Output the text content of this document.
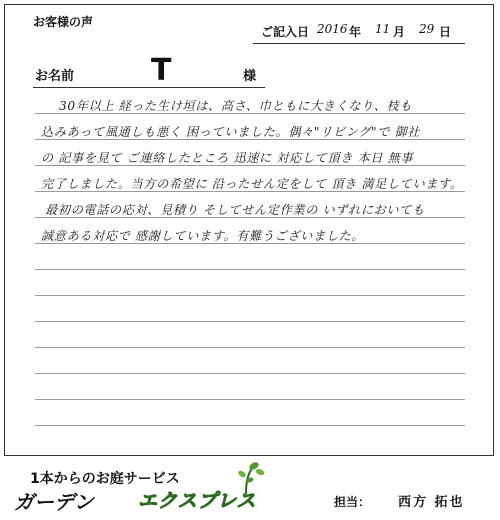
お客様の声
ご記入日 2016 年 11 月 29 日
お名前	T	様
30年以上 経った生け垣は、高さ、巾ともに大きくなり、枝も
込みあって風通しも悪く 困っていました。偶々"リビング"で 御社
の 記事を見て ご連絡したところ 迅速に 対応して頂き 本日 無事
完了しました。当方の希望に 沿ったせん定をして 頂き 満足しています。
最初の電話の応対、見積り そしてせん定作業の いずれにおいても
誠意ある対応で 感謝しています。有難うございました。
1本からのお庭サービス
ガーデン エクスプレス	担当： 西方 拓也
